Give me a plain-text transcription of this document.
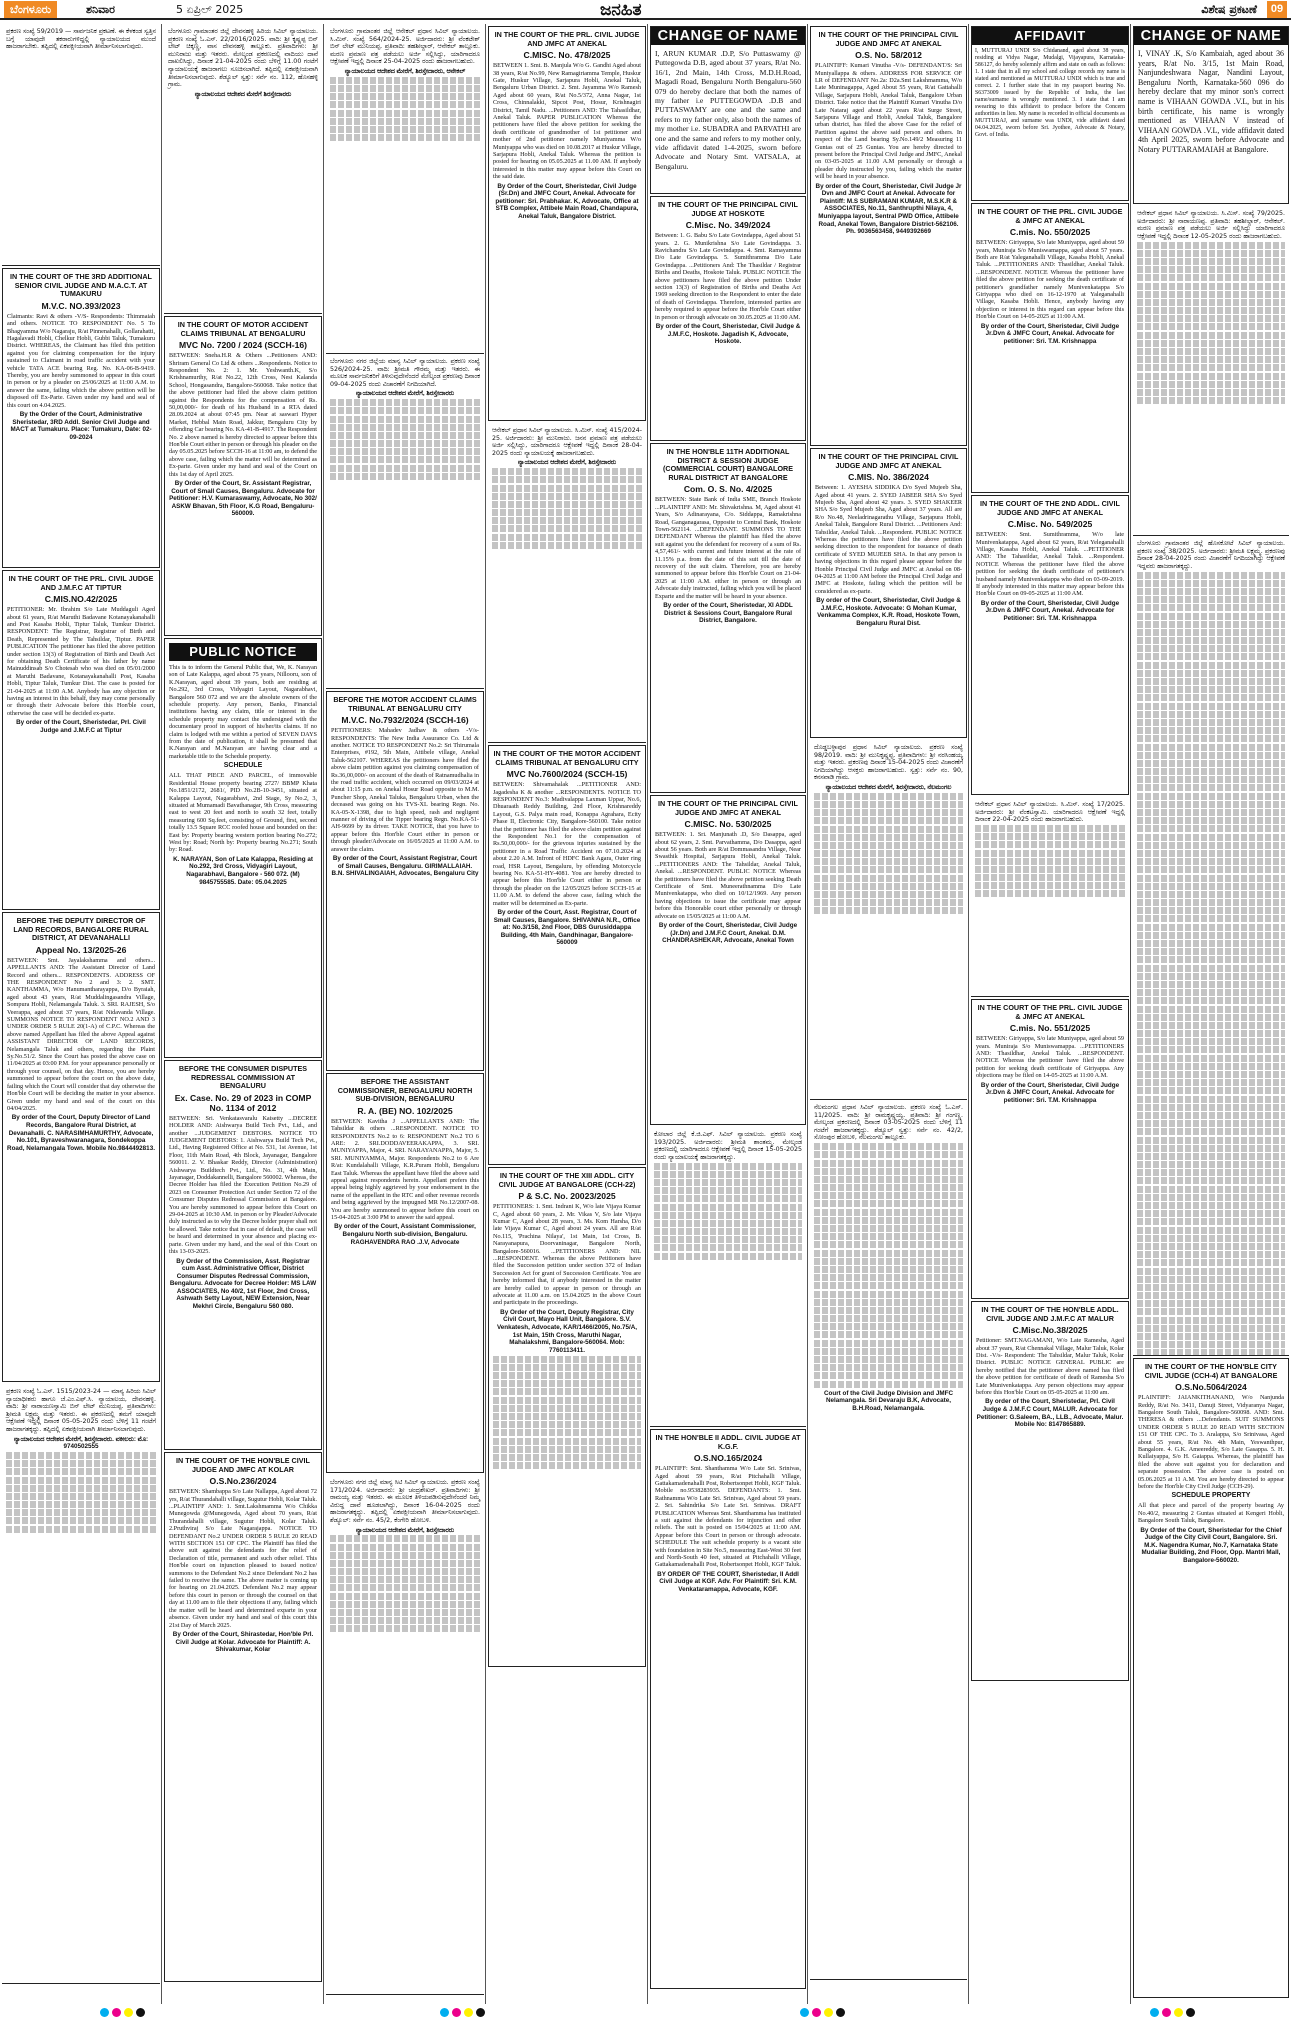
ಬೆಂಗಳೂರು	ಶನಿವಾರ	5 ಏಪ್ರಿಲ್ 2025	ಜನಹಿತ	ವಿಶೇಷ ಪ್ರಕಟಣೆ	09
ಪ್ರಕರಣ ಸಂಖ್ಯೆ 59/2019 — ಸಾರ್ವಜನಿಕ ಪ್ರಕಟಣೆ. ಈ ಕೆಳಕಂಡ ಸ್ವತ್ತಿನ ಬಗ್ಗೆ ಯಾವುದೇ ತಕರಾರುಗಳಿದ್ದಲ್ಲಿ ನ್ಯಾಯಾಲಯದ ಮುಂದೆ ಹಾಜರಾಗಬೇಕು. ತಪ್ಪಿದಲ್ಲಿ ಏಕಪಕ್ಷೀಯವಾಗಿ ತೀರ್ಮಾನಿಸಲಾಗುವುದು.
IN THE COURT OF THE 3RD ADDITIONAL SENIOR CIVIL JUDGE AND M.A.C.T. AT TUMAKURU
M.V.C. NO.393/2023
Claimants: Ravi & others -V/S- Respondents: Thimmaiah and others. NOTICE TO RESPONDENT No. 5 To Bhagyamma W/o Nagaraju, R/at Pinnenahalli, Gollarahatti, Hagalavadi Hobli, Chelkur Hobli, Gubbi Taluk, Tumakuru District. WHEREAS, the Claimant has filed this petition against you for claiming compensation for the injury sustained to Claimant in road traffic accident with your vehicle TATA ACE bearing Reg. No. KA-06-B-9419. Thereby, you are hereby summoned to appear in this court in person or by a pleader on 25/06/2025 at 11:00 A.M. to answer the same, failing which the above petition will be disposed off Ex-Parte. Given under my hand and seal of this court on 4.04.2025.
By the Order of the Court, Administrative Sheristedar, 3RD Addl. Senior Civil Judge and MACT at Tumakuru. Place: Tumakuru, Date: 02-09-2024
IN THE COURT OF THE PRL. CIVIL JUDGE AND J.M.F.C AT TIPTUR
C.MIS.NO.42/2025
PETITIONER: Mr. Ibrahim S/o Late Muddaguli Aged about 61 years, R/at Maruthi Badavane Kotanayakanahalli and Post Kasaba Hobli, Tiptur Taluk, Tumkur District. RESPONDENT: The Registrar, Registrar of Birth and Death, Represented by The Tahsildar, Tiptur. PAPER PUBLICATION The petitioner has filed the above petition under section 13(3) of Registration of Birth and Death Act for obtaining Death Certificate of his father by name Mainuddinsab S/o Chotesab who was died on 05/01/2000 at Maruthi Badavane, Kotanayakanahalli Post, Kasaba Hobli, Tiptur Taluk, Tumkur Dist. The case is posted for 21-04-2025 at 11:00 A.M. Anybody has any objection or having an interest in this behalf, they may come personally or through their Advocate before this Hon'ble court, otherwise the case will be decided ex-parte.
By order of the Court, Sheristedar, Prl. Civil Judge and J.M.F.C at Tiptur
BEFORE THE DEPUTY DIRECTOR OF LAND RECORDS, BANGALORE RURAL DISTRICT, AT DEVANAHALLI
Appeal No. 13/2025-26
BETWEEN: Smt. Jayalakshamma and others... APPELLANTS AND: The Assistant Director of Land Record and others... RESPONDENTS. ADDRESS OF THE RESPONDENT No 2 and 3: 2. SMT. KANTHAMMA, W/o Hanumantharayappa, D/o Byraiah, aged about 43 years, R/at Muddalingasandra Village, Sompura Hobli, Nelamangala Taluk. 3. SRI. RAJESH, S/o Veerappa, aged about 37 years, R/at Nidavanda Village. SUMMONS NOTICE TO RESPONDENT NO.2 AND 3 UNDER ORDER 5 RULE 20(1-A) of C.P.C. Whereas the above named Appellant has filed the above Appeal against ASSISTANT DIRECTOR OF LAND RECORDS, Nelamangala Taluk and others, regarding the Plaint Sy.No.51/2. Since the Court has posted the above case on 11/04/2025 at 03:00 P.M. for your appearance personally or through your counsel, on that day. Hence, you are hereby summoned to appear before the court on the above date, failing which the Court will consider that day otherwise the Hon'ble Court will be deciding the matter in your absence. Given under my hand and seal of the court on this 04/04/2025.
By order of the Court, Deputy Director of Land Records, Bangalore Rural District, at Devanahalli. C. NARASIMHAMURTHY, Advocate, No.101, Byraveshwaranagara, Sondekoppa Road, Nelamangala Town. Mobile No.9844492813.
ಪ್ರಕರಣ ಸಂಖ್ಯೆ ಓ.ಎಸ್. 1515/2023-24 — ಮಾನ್ಯ ಹಿರಿಯ ಸಿವಿಲ್ ನ್ಯಾಯಾಧೀಶರು ಹಾಗೂ ಜೆ.ಎಂ.ಎಫ್.ಸಿ. ನ್ಯಾಯಾಲಯ, ದೇವನಹಳ್ಳಿ. ವಾದಿ: ಶ್ರೀ ನಾರಾಯಣಸ್ವಾಮಿ ಬಿನ್ ಲೇಟ್ ಮುನಿಯಪ್ಪ. ಪ್ರತಿವಾದಿಗಳು: ಶ್ರೀಮತಿ ಲಕ್ಷ್ಮಮ್ಮ ಮತ್ತು ಇತರರು. ಈ ಪ್ರಕರಣದಲ್ಲಿ ತಮಗೆ ಯಾವುದೇ ಆಕ್ಷೇಪಣೆ ಇದ್ದಲ್ಲಿ ದಿನಾಂಕ 05-05-2025 ರಂದು ಬೆಳಿಗ್ಗೆ 11 ಗಂಟೆಗೆ ಹಾಜರಾಗತಕ್ಕದ್ದು. ತಪ್ಪಿದಲ್ಲಿ ಏಕಪಕ್ಷೀಯವಾಗಿ ತೀರ್ಮಾನಿಸಲಾಗುವುದು.
ನ್ಯಾಯಾಲಯದ ಆದೇಶದ ಮೇರೆಗೆ, ಶಿರಸ್ತೇದಾರರು. ವಕೀಲರು: ಮೊ: 9740502555
ಬೆಂಗಳೂರು ಗ್ರಾಮಾಂತರ ಜಿಲ್ಲೆ ದೇವನಹಳ್ಳಿ ಹಿರಿಯ ಸಿವಿಲ್ ನ್ಯಾಯಾಲಯ. ಪ್ರಕರಣ ಸಂಖ್ಯೆ ಓ.ಎಸ್. 22/2016/2025. ವಾದಿ: ಶ್ರೀ ಕೃಷ್ಣಪ್ಪ ಬಿನ್ ಲೇಟ್ ಚಿಕ್ಕಣ್ಣ, ವಾಸ ದೇವನಹಳ್ಳಿ ತಾಲ್ಲೂಕು. ಪ್ರತಿವಾದಿಗಳು: ಶ್ರೀ ಮುನಿರಾಜು ಮತ್ತು ಇತರರು. ಮೇಲ್ಕಂಡ ಪ್ರಕರಣದಲ್ಲಿ ವಾದಿಯು ದಾವೆ ದಾಖಲಿಸಿದ್ದು, ದಿನಾಂಕ 21-04-2025 ರಂದು ಬೆಳಿಗ್ಗೆ 11.00 ಗಂಟೆಗೆ ನ್ಯಾಯಾಲಯಕ್ಕೆ ಹಾಜರಾಗಲು ಸೂಚಿಸಲಾಗಿದೆ. ತಪ್ಪಿದಲ್ಲಿ ಏಕಪಕ್ಷೀಯವಾಗಿ ತೀರ್ಮಾನಿಸಲಾಗುವುದು. ಶೆಡ್ಯೂಲ್ ಸ್ವತ್ತು: ಸರ್ವೆ ನಂ. 112, ಹೊಸಹಳ್ಳಿ ಗ್ರಾಮ.
ನ್ಯಾಯಾಲಯದ ಆದೇಶದ ಮೇರೆಗೆ ಶಿರಸ್ತೇದಾರರು
IN THE COURT OF MOTOR ACCIDENT CLAIMS TRIBUNAL AT BENGALURU
MVC No. 7200 / 2024 (SCCH-16)
BETWEEN: Sneha.H.R & Others ...Petitioners AND: Shriram General Co Ltd & others ...Respondents. Notice to Respondent No. 2: 1. Mr. Yeshwanth.K, S/o Krishnamurthy, R/at No.22, 12th Cross, Nesi Kalanda School, Hongasandra, Bangalore-560068. Take notice that the above petitioner had filed the above claim petition against the Respondents for the compensation of Rs. 50,00,000/- for death of his Husband in a RTA dated 28.09.2024 at about 07:45 pm. Near at saswari Hyper Market, Hebbal Main Road, Jakkur, Bengaluru City by offending Car bearing No. KA-41-B-4917. The Respondent No. 2 above named is hereby directed to appear before this Hon'ble Court either in person or through his pleader on the day 05.05.2025 before SCCH-16 at 11:00 am, to defend the above case, failing which the matter will be determined as Ex-parte. Given under my hand and seal of the Court on this 1st day of April 2025.
By Order of the Court, Sr. Assistant Registrar, Court of Small Causes, Bengaluru. Advocate for Petitioner: H.V. Kumaraswamy, Advocate, No 302/ ASKW Bhavan, 5th Floor, K.G Road, Bengaluru-560009.
PUBLIC NOTICE
This is to inform the General Public that, We, K. Narayan son of Late Kalappa, aged about 75 years, Nillooru, son of K.Narayan, aged about 39 years, both are residing at No.292, 3rd Cross, Vidyagiri Layout, Nagarabhavi, Bangalore 560 072 and we are the absolute owners of the schedule property. Any person, Banks, Financial institutions having any claim, title or interest in the schedule property may contact the undersigned with the documentary proof in support of his/her/its claims. If no claim is lodged with me within a period of SEVEN DAYS from the date of publication, it shall be presumed that K.Narayan and M.Narayan are having clear and a marketable title to the Schedule property.
SCHEDULE
ALL THAT PIECE AND PARCEL, of immovable Residential House property bearing 2727/ BBMP Khata No.1851/2172, 2681/, PID No.2B-10-3451, situated at Kalappa Layout, Nagarabhavi, 2nd Stage, Sy No.2, 3, situated at Mumamadi Bavathanagar, 9th Cross, measuring east to west 20 feet and north to south 32 feet, totally measuring 600 Sq.feet, consisting of Ground, first, second totally 13.5 Square RCC roofed house and bounded on the: East by: Property bearing western portion bearing No.272; West by: Road; North by: Property bearing No.271; South by: Road.
K. NARAYAN, Son of Late Kalappa, Residing at No.292, 3rd Cross, Vidyagiri Layout, Nagarabhavi, Bangalore - 560 072. (M) 9845755585. Date: 05.04.2025
BEFORE THE CONSUMER DISPUTES REDRESSAL COMMISSION AT BENGALURU
Ex. Case. No. 29 of 2023 in COMP No. 1134 of 2012
BETWEEN: Sri. Venkatasvaralu Kaisetty ...DECREE HOLDER AND: Aishwarya Build Tech Pvt., Ltd., and another ...JUDGEMENT DEBTORS. NOTICE TO JUDGEMENT DEBTORS: 1. Aishwarya Build Tech Pvt., Ltd., Having Registered Office at No. 531, 1st Avenue, 1st Floor, 11th Main Road, 4th Block, Jayanagar, Bangalore 560011. 2. V. Bhaskar Reddy, Director (Administration) Aishwarya Buildtech Pvt., Ltd., No. 31, 4th Main, Jayanagar, Doddakannelli, Bangalore 560002. Whereas, the Decree Holder has filed the Execution Petition No.29 of 2023 on Consumer Protection Act under Section 72 of the Consumer Disputes Redressal Commission at Bangalore. You are hereby summoned to appear before this Court on 29-04-2025 at 10:30 AM. in person or by Pleader/Advocate duly instructed as to why the Decree holder prayer shall not be allowed. Take notice that in case of default, the case will be heard and determined in your absence and placing ex-parte. Given under my hand, and the seal of this Court on this 13-03-2025.
By Order of the Commission, Asst. Registrar cum Asst. Administrative Officer, District Consumer Disputes Redressal Commission, Bengaluru. Advocate for Decree Holder: MS LAW ASSOCIATES, No 40/2, 1st Floor, 2nd Cross, Ashwath Setty Layout, NEW Extension, Near Mekhri Circle, Bengaluru 560 080.
IN THE COURT OF THE HON'BLE CIVIL JUDGE AND JMFC AT KOLAR
O.S.No.236/2024
BETWEEN: Shambappa S/o Late Nallappa, Aged about 72 yrs, R/at Thurandahalli village, Sugutur Hobli, Kolar Taluk. ...PLAINTIFF AND: 1. Smt.Lakshmamma W/o Chikka Munegowda @Munegowda, Aged about 70 years, R/at Thurandahalli village, Sugutur Hobli, Kolar Taluk. 2.Pruthviraj S/o Late Nagarajappa. NOTICE TO DEFENDANT No.2 UNDER ORDER 5 RULE 20 READ WITH SECTION 151 OF CPC. The Plaintiff has filed the above suit against the defendants for the relief of Declaration of title, permanent and such other relief. This Hon'ble court on injunction pleased to issued notice/ summons to the Defendant No.2 since Defendant No.2 has failed to receive the same. The above matter is coming up for hearing on 21.04.2025. Defendant No.2 may appear before this court in person or through the counsel on that day at 11.00 am to file their objections if any, failing which the matter will be heard and determined exparte in your absence. Given under my hand and seal of this court this 21st Day of March 2025.
By Order of the Court, Shirastedar, Hon'ble Prl. Civil Judge at Kolar. Advocate for Plaintiff: A. Shivakumar, Kolar
ಬೆಂಗಳೂರು ಗ್ರಾಮಾಂತರ ಜಿಲ್ಲೆ ಆನೇಕಲ್ ಪ್ರಧಾನ ಸಿವಿಲ್ ನ್ಯಾಯಾಲಯ. ಸಿ.ಮಿಸ್. ಸಂಖ್ಯೆ 564/2024-25. ಅರ್ಜಿದಾರರು: ಶ್ರೀ ವೆಂಕಟೇಶ್ ಬಿನ್ ಲೇಟ್ ಮುನಿಯಪ್ಪ. ಪ್ರತಿವಾದಿ: ತಹಶೀಲ್ದಾರ್, ಆನೇಕಲ್ ತಾಲ್ಲೂಕು. ಮರಣ ಪ್ರಮಾಣ ಪತ್ರ ಪಡೆಯಲು ಅರ್ಜಿ ಸಲ್ಲಿಸಿದ್ದು, ಯಾರಿಗಾದರೂ ಆಕ್ಷೇಪಣೆ ಇದ್ದಲ್ಲಿ ದಿನಾಂಕ 25-04-2025 ರಂದು ಹಾಜರಾಗಬಹುದು.
ನ್ಯಾಯಾಲಯದ ಆದೇಶದ ಮೇರೆಗೆ, ಶಿರಸ್ತೇದಾರರು, ಆನೇಕಲ್
ಬೆಂಗಳೂರು ನಗರ ಜಿಲ್ಲೆಯ ಮಾನ್ಯ ಸಿವಿಲ್ ನ್ಯಾಯಾಲಯ. ಪ್ರಕರಣ ಸಂಖ್ಯೆ 526/2024-25. ವಾದಿ: ಶ್ರೀಮತಿ ಗೌರಮ್ಮ ಮತ್ತು ಇತರರು. ಈ ಮೂಲಕ ಸಾರ್ವಜನಿಕರಿಗೆ ತಿಳಿಸುವುದೇನೆಂದರೆ ಮೇಲ್ಕಂಡ ಪ್ರಕರಣವು ದಿನಾಂಕ 09-04-2025 ರಂದು ವಿಚಾರಣೆಗೆ ನಿಗದಿಯಾಗಿದೆ.
ನ್ಯಾಯಾಲಯದ ಆದೇಶದ ಮೇರೆಗೆ, ಶಿರಸ್ತೇದಾರರು
BEFORE THE MOTOR ACCIDENT CLAIMS TRIBUNAL AT BENGALURU CITY
M.V.C. No.7932/2024 (SCCH-16)
PETITIONERS: Mahadev Jadhav & others -V/s- RESPONDENTS: The New India Assurance Co. Ltd & another. NOTICE TO RESPONDENT No.2: Sri Thirumala Enterprises, #192, 5th Main, Attibele village, Anekal Taluk-562107. WHEREAS the petitioners have filed the above claim petition against you claiming compensation of Rs.36,00,000/- on account of the death of Ratnamudhalia in the road traffic accident, which occurred on 09/03/2024 at about 11:15 p.m. on Anekal Hosur Road opposite to M.M. Puncher Shop, Anekal Taluka, Bengaluru Urban, when the deceased was going on his TVS-XL bearing Regn. No. KA-05-X-1398, due to high speed, rash and negligent manner of driving of the Tipper bearing Regn. No.KA-51-AH-9699 by its driver. TAKE NOTICE, that you have to appear before this Hon'ble Court either in person or through pleader/Advocate on 16/05/2025 at 11:00 A.M. to answer the claim.
By order of the Court, Assistant Registrar, Court of Small Causes, Bengaluru. GIRIMALLAIAH. B.N. SHIVALINGAIAH, Advocates, Bengaluru City
BEFORE THE ASSISTANT COMMISSIONER, BENGALURU NORTH SUB-DIVISION, BENGALURU
R. A. (BE) NO. 102/2025
BETWEEN: Kavitha J ...APPELLANTS AND: The Tahsildar & others ...RESPONDENT. NOTICE TO RESPONDENTS No.2 to 6: RESPONDENT No.2 TO 6 ARE: 2. SRI.DODDAVEERAKAPPA, 3. SRI. MUNIYAPPA, Major, 4. SRI. NARAYANAPPA, Major, 5. SRI. MUNIYAMMA, Major. Respondents No.2 to 6 Are R/at: Kundalahalli Village, K.R.Puram Hobli, Bengaluru East Taluk. Whereas the appellant have filed the above said appeal against respondents herein. Appellant prefers this appeal being highly aggrieved by your endorsement in the name of the appellant in the RTC and other revenue records and being aggrieved by the impugned MR No.12/2007-08. You are hereby summoned to appear before this court on 15-04-2025 at 3:00 PM to answer the said appeal.
By order of the Court, Assistant Commissioner, Bengaluru North sub-division, Bengaluru. RAGHAVENDRA RAO .J.V, Advocate
ಬೆಂಗಳೂರು ನಗರ ಜಿಲ್ಲೆ ಮಾನ್ಯ ಸಿಟಿ ಸಿವಿಲ್ ನ್ಯಾಯಾಲಯ. ಪ್ರಕರಣ ಸಂಖ್ಯೆ 171/2024. ಅರ್ಜಿದಾರರು: ಶ್ರೀ ಚಂದ್ರಶೇಖರ್. ಪ್ರತಿವಾದಿಗಳು: ಶ್ರೀ ರಾಮಯ್ಯ ಮತ್ತು ಇತರರು. ಈ ಮೂಲಕ ತಿಳಿಯಪಡಿಸುವುದೇನೆಂದರೆ ನಿಮ್ಮ ವಿರುದ್ಧ ದಾವೆ ಹೂಡಲಾಗಿದ್ದು, ದಿನಾಂಕ 16-04-2025 ರಂದು ಹಾಜರಾಗತಕ್ಕದ್ದು. ತಪ್ಪಿದಲ್ಲಿ ಏಕಪಕ್ಷೀಯವಾಗಿ ತೀರ್ಮಾನಿಸಲಾಗುವುದು. ಶೆಡ್ಯೂಲ್: ಸರ್ವೆ ನಂ. 45/2, ಕೆಂಗೇರಿ ಹೋಬಳಿ.
ನ್ಯಾಯಾಲಯದ ಆದೇಶದ ಮೇರೆಗೆ, ಶಿರಸ್ತೇದಾರರು
IN THE COURT OF THE PRL. CIVIL JUDGE AND JMFC AT ANEKAL
C.MISC. No. 478/2025
BETWEEN 1. Smt. B. Manjula W/o G. Gandhi Aged about 38 years, R/at No.99, New Ramagiriamma Temple, Huskur Gate, Huskur Village, Sarjapura Hobli, Anekal Taluk, Bengaluru Urban District. 2. Smt. Jayamma W/o Ramesh Aged about 60 years, R/at No.5/372, Anna Nagar, 1st Cross, Chinnalakki, Sipcot Post, Hosur, Krishnagiri District, Tamil Nadu. ...Petitioners AND: The Tahasildhar, Anekal Taluk. PAPER PUBLICATION Whereas the petitioners have filed the above petition for seeking the death certificate of grandmother of 1st petitioner and mother of 2nd petitioner namely Muniyamma W/o Muniyappa who was died on 10.08.2017 at Huskur Village, Sarjapura Hobli, Anekal Taluk. Whereas the petition is posted for hearing on 05.05.2025 at 11.00 AM. If anybody interested in this matter may appear before this Court on the said date.
By Order of the Court, Sheristedar, Civil Judge (Sr.Dn) and JMFC Court, Anekal. Advocate for petitioner: Sri. Prabhakar. K, Advocate, Office at STB Complex, Attibele Main Road, Chandapura, Anekal Taluk, Bangalore District.
ಆನೇಕಲ್ ಪ್ರಧಾನ ಸಿವಿಲ್ ನ್ಯಾಯಾಲಯ. ಸಿ.ಮಿಸ್. ಸಂಖ್ಯೆ 415/2024-25. ಅರ್ಜಿದಾರರು: ಶ್ರೀ ಮುನಿರಾಜು. ಜನನ ಪ್ರಮಾಣ ಪತ್ರ ಪಡೆಯಲು ಅರ್ಜಿ ಸಲ್ಲಿಸಿದ್ದು, ಯಾರಿಗಾದರೂ ಆಕ್ಷೇಪಣೆ ಇದ್ದಲ್ಲಿ ದಿನಾಂಕ 28-04-2025 ರಂದು ನ್ಯಾಯಾಲಯಕ್ಕೆ ಹಾಜರಾಗಬಹುದು.
ನ್ಯಾಯಾಲಯದ ಆದೇಶದ ಮೇರೆಗೆ, ಶಿರಸ್ತೇದಾರರು
IN THE COURT OF THE MOTOR ACCIDENT CLAIMS TRIBUNAL AT BENGALURU CITY
MVC No.7600/2024 (SCCH-15)
BETWEEN: Shivamahalak ...PETITIONER AND: Jagadesha K & another ...RESPONDENTS. NOTICE TO RESPONDENT No.3: Madivalappa Laxman Uppar, No.6, Dhuaraath Reddy Building, 2nd Floor, Krishnareddy Layout, G.S. Palya main road, Konappa Agrahara, Ecity Phase II, Electronic City, Bangalore-560100. Take notice that the petitioner has filed the above claim petition against the Respondent No.1 for the compensation of Rs.50,00,000/- for the grievous injuries sustained by the petitioner in a Road Traffic Accident on 07.10.2024 at about 2.20 A.M. Infront of HDFC Bank Agara, Outer ring road, HSR Layout, Bengaluru, by offending Motorcycle bearing No. KA-51-HY-4081. You are hereby directed to appear before this Hon'ble Court either in person or through the pleader on the 12/05/2025 before SCCH-15 at 11.00 A.M. to defend the above case, failing which the matter will be determined as Ex-parte.
By order of the Court, Asst. Registrar, Court of Small Causes, Bangalore. SHIVANNA N.R., Office at: No.3/158, 2nd Floor, DBS Gurusiddappa Building, 4th Main, Gandhinagar, Bangalore-560009
IN THE COURT OF THE XIII ADDL. CITY CIVIL JUDGE AT BANGALORE (CCH-22)
P & S.C. No. 20023/2025
PETITIONERS: 1. Smt. Indrani K, W/o late Vijaya Kumar C, Aged about 60 years, 2. Mr. Vikas V, S/o late Vijaya Kumar C, Aged about 28 years, 3. Ms. Kom Harsha, D/o late Vijaya Kumar C, Aged about 24 years. All are R/at No.115, 'Prachina Nilaya', 1st Main, 1st Cross, B. Narayanapura, Doorvaninagar, Bangalore North, Bangalore-560016. ...PETITIONERS AND: NIL ...RESPONDENT. Whereas the above Petitioners have filed the Succession petition under section 372 of Indian Succession Act for grant of Succession Certificate. You are hereby informed that, if anybody interested in the matter are hereby called to appear in person or through an advocate at 11.00 a.m. on 15.04.2025 in the above Court and participate in the proceedings.
By Order of the Court, Deputy Registrar, City Civil Court, Mayo Hall Unit, Bangalore. S.V. Venkatesh, Advocate, KAR/1466/2005, No.75/A, 1st Main, 15th Cross, Maruthi Nagar, Mahalakshmi, Bangalore-560064. Mob: 7760113411.
CHANGE OF NAME
I, ARUN KUMAR .D.P, S/o Puttaswamy @ Puttegowda D.B, aged about 37 years, R/at No. 16/1, 2nd Main, 14th Cross, M.D.H.Road, Magadi Road, Bengaluru North Bengaluru-560 079 do hereby declare that both the names of my father i.e PUTTEGOWDA .D.B and PUTTASWAMY are one and the same and refers to my father only, also both the names of my mother i.e. SUBADRA and PARVATHI are one and the same and refers to my mother only, vide affidavit dated 1-4-2025, sworn before Advocate and Notary Smt. VATSALA, at Bengaluru.
IN THE COURT OF THE PRINCIPAL CIVIL JUDGE AT HOSKOTE
C.Misc. No. 349/2024
Between: 1. G. Babu S/o Late Govindappa, Aged about 51 years. 2. G. Munikrishna S/o Late Govindappa. 3. Ravichandra S/o Late Govindappa. 4. Smt. Ramayamma D/o Late Govindappa. 5. Sumithramma D/o Late Govindappa. ...Petitioners And: The Thasildar / Registrar Births and Deaths, Hoskote Taluk. PUBLIC NOTICE The above petitioners have filed the above petition Under section 13(3) of Registration of Births and Deaths Act 1969 seeking direction to the Respondent to enter the date of death of Govindappa. Therefore, interested parties are hereby required to appear before the Hon'ble Court either in person or through advocate on 30.05.2025 at 11:00 AM.
By order of the Court, Sheristedar, Civil Judge & J.M.F.C, Hoskote. Jagadish K, Advocate, Hoskote.
IN THE HON'BLE 11TH ADDITIONAL DISTRICT & SESSION JUDGE (COMMERCIAL COURT) BANGALORE RURAL DISTRICT AT BANGALORE
Com. O. S. No. 4/2025
BETWEEN: State Bank of India SME, Branch Hoskote ...PLAINTIFF AND: Mr. Shivakrishna. M, Aged about 41 Years, S/o Adinarayana, C/o. Siddappa, Ramakrishna Road, Ganganagarasa, Opposite to Central Bank, Hoskote Town-562114. ...DEFENDANT. SUMMONS TO THE DEFENDANT Whereas the plaintiff has filed the above suit against you the defendant for recovery of a sum of Rs. 4,57,461/- with current and future interest at the rate of 11.15% p.a. from the date of this suit till the date of recovery of the suit claim. Therefore, you are hereby summoned to appear before this Hon'ble Court on 21-04-2025 at 11:00 A.M. either in person or through an Advocate duly instructed, failing which you will be placed Exparte and the matter will be heard in your absence.
By order of the Court, Sheristedar, XI ADDL District & Sessions Court, Bangalore Rural District, Bangalore.
IN THE COURT OF THE PRINCIPAL CIVIL JUDGE AND JMFC AT ANEKAL
C.MISC. No. 530/2025
BETWEEN: 1. Sri. Manjunath .D, S/o Dasappa, aged about 62 years, 2. Smt. Parvathamma, D/o Dasappa, aged about 56 years. Both are R/at Dommasandra Village, Near Swasthik Hospital, Sarjapura Hobli, Anekal Taluk. ...PETITIONERS AND: The Tahsildar, Anekal Taluk, Anekal. ...RESPONDENT. PUBLIC NOTICE Whereas the petitioners have filed the above petition seeking Death Certificate of Smt. Muneerathnamma D/o Late Munivenkatappa, who died on 10/12/1969. Any person having objections to issue the certificate may appear before this Honorable court either personally or through advocate on 15/05/2025 at 11:00 A.M.
By order of the Court, Sheristedar, Civil Judge (Jr.Dn) and J.M.F.C Court, Anekal. D.M. CHANDRASHEKAR, Advocate, Anekal Town
ಕೋಲಾರ ಜಿಲ್ಲೆ ಕೆ.ಜಿ.ಎಫ್. ಸಿವಿಲ್ ನ್ಯಾಯಾಲಯ. ಪ್ರಕರಣ ಸಂಖ್ಯೆ 193/2025. ಅರ್ಜಿದಾರರು: ಶ್ರೀಮತಿ ಶಾಂತಮ್ಮ. ಮೇಲ್ಕಂಡ ಪ್ರಕರಣದಲ್ಲಿ ಯಾರಿಗಾದರೂ ಆಕ್ಷೇಪಣೆ ಇದ್ದಲ್ಲಿ ದಿನಾಂಕ 15-05-2025 ರಂದು ನ್ಯಾಯಾಲಯಕ್ಕೆ ಹಾಜರಾಗತಕ್ಕದ್ದು.
IN THE HON'BLE II ADDL. CIVIL JUDGE AT K.G.F.
O.S.NO.165/2024
PLAINTIFF: Smt. Shanthamma W/o Late Sri. Srinivas, Aged about 59 years, R/at Pitchahalli Village, Gattakamadenahalli Post, Robertsonpet Hobli, KGF Taluk. Mobile no.9538283935. DEFENDANTS: 1. Smt. Rathnamma W/o Late Sri. Srinivas, Aged about 59 years. 2. Sri. Sahindrika S/o Late Sri. Srinivas. DRAFT PUBLICATION Whereas Smt. Shanthamma has instituted a suit against the defendants for injunction and other reliefs. The suit is posted on 15/04/2025 at 11:00 AM. Appear before this Court in person or through advocate. SCHEDULE The suit schedule property is a vacant site with foundation in Site No.5, measuring East-West 30 feet and North-South 40 feet, situated at Pitchahalli Village, Gattakamadenahalli Post, Robertsonpet Hobli, KGF Taluk.
BY ORDER OF THE COURT, Sheristedar, II Addl Civil Judge at KGF. Adv. For Plaintiff: Sri. K.M. Venkataramappa, Advocate, KGF.
IN THE COURT OF THE PRINCIPAL CIVIL JUDGE AND JMFC AT ANEKAL
O.S. No. 58/2012
PLAINTIFF: Kumari Vinutha -V/s- DEFENDANT/S: Sri Muniyallappa & others. ADDRESS FOR SERVICE OF LR of DEFENDANT No.2a: D2a.Smt Lakshmamma, W/o Late Muninagappa, Aged About 55 years, R/at Gattahalli Village, Sarjapura Hobli, Anekal Taluk, Bangalore Urban District. Take notice that the Plaintiff Kumari Vinutha D/o Late Nataraj aged about 22 years R/at Surge Street, Sarjapura Village and Hobli, Anekal Taluk, Bangalore urban district, has filed the above Case for the relief of Partition against the above said person and others. In respect of the Land bearing Sy.No.149/2 Measuring 11 Guntas out of 25 Guntas. You are hereby directed to present before the Principal Civil Judge and JMFC, Anekal on 03-05-2025 at 11.00 A.M personally or through a pleader duly instructed by you, failing which the matter will be heard in your absence.
By order of the Court, Sheristedar, Civil Judge Jr Dvn and JMFC Court at Anekal. Advocate for Plaintiff: M.S SUBRAMANI KUMAR, M.S.K.R & ASSOCIATES, No.11, Santhrupthi Nilaya, 4, Muniyappa layout, Sentral PWD Office, Attibele Road, Anekal Town, Bangalore District-562106. Ph. 9036563458, 9449392669
IN THE COURT OF THE PRINCIPAL CIVIL JUDGE AND JMFC AT ANEKAL
C.MIS. No. 386/2024
Between: 1. AYESHA SIDDIKA D/o Syed Mujeeb Sha, Aged about 41 years. 2. SYED JABEER SHA S/o Syed Mujeeb Sha, Aged about 42 years. 3. SYED SHAKEER SHA S/o Syed Mujeeb Sha, Aged about 37 years. All are R/o No.48, Neeladrinagarathu Village, Sarjapura Hobli, Anekal Taluk, Bangalore Rural District. ...Petitioners And: Tahsildar, Anekal Taluk. ...Respondent. PUBLIC NOTICE Whereas the petitioners have filed the above petition seeking direction to the respondent for issuance of death certificate of SYED MUJEEB SHA. In that any person is having objections in this regard please appear before the Honble Principal Civil Judge and JMFC at Anekal on 08-04-2025 at 11:00 AM before the Principal Civil Judge and JMFC at Hoskote, failing which the petition will be considered as ex-parte.
By order of the Court, Sheristedar, Civil Judge & J.M.F.C, Hoskote. Advocate: G Mohan Kumar, Venkamma Complex, K.R. Road, Hoskote Town, Bengaluru Rural Dist.
ದೊಡ್ಡಬಳ್ಳಾಪುರ ಪ್ರಧಾನ ಸಿವಿಲ್ ನ್ಯಾಯಾಲಯ. ಪ್ರಕರಣ ಸಂಖ್ಯೆ 98/2019. ವಾದಿ: ಶ್ರೀ ಮುನಿಕೃಷ್ಣಪ್ಪ. ಪ್ರತಿವಾದಿಗಳು: ಶ್ರೀ ನರಸಿಂಹಯ್ಯ ಮತ್ತು ಇತರರು. ಪ್ರಕರಣವು ದಿನಾಂಕ 15-04-2025 ರಂದು ವಿಚಾರಣೆಗೆ ನಿಗದಿಯಾಗಿದ್ದು ಆಸಕ್ತರು ಹಾಜರಾಗಬಹುದು. ಸ್ವತ್ತು: ಸರ್ವೆ ನಂ. 90, ಕನಸವಾಡಿ ಗ್ರಾಮ.
ನ್ಯಾಯಾಲಯದ ಆದೇಶದ ಮೇರೆಗೆ, ಶಿರಸ್ತೇದಾರರು, ನೆಲಮಂಗಲ
ನೆಲಮಂಗಲ ಪ್ರಧಾನ ಸಿವಿಲ್ ನ್ಯಾಯಾಲಯ. ಪ್ರಕರಣ ಸಂಖ್ಯೆ ಓ.ಎಸ್. 11/2025. ವಾದಿ: ಶ್ರೀ ರಾಮಕೃಷ್ಣಯ್ಯ. ಪ್ರತಿವಾದಿ: ಶ್ರೀ ಗಂಗಣ್ಣ. ಮೇಲ್ಕಂಡ ಪ್ರಕರಣದಲ್ಲಿ ದಿನಾಂಕ 03-05-2025 ರಂದು ಬೆಳಿಗ್ಗೆ 11 ಗಂಟೆಗೆ ಹಾಜರಾಗತಕ್ಕದ್ದು. ಶೆಡ್ಯೂಲ್ ಸ್ವತ್ತು: ಸರ್ವೆ ನಂ. 42/2, ಸೋಂಪುರ ಹೋಬಳಿ, ನೆಲಮಂಗಲ ತಾಲ್ಲೂಕು.
Court of the Civil Judge Division and JMFC Nelamangala. Sri Devaraju B.K, Advocate, B.H.Road, Nelamangala.
AFFIDAVIT
I, MUTTURAJ UNDI S/o Chidanand, aged about 38 years, residing at Vidya Nagar, Mudalgi, Vijayapura, Karnataka-586127, do hereby solemnly affirm and state on oath as follows: 1. I state that in all my school and college records my name is stated and mentioned as MUTTURAJ UNDI which is true and correct. 2. I further state that in my passport bearing No. S6373009 issued by the Republic of India, the last name/surname is wrongly mentioned. 3. I state that I am swearing to this affidavit to produce before the Concern authorities in lieu. My name is recorded in official documents as MUTTURAJ, and surname was UNDI, vide affidavit dated 04.04.2025, sworn before Sri. Jyothee, Advocate & Notary, Govt. of India.
IN THE COURT OF THE PRL. CIVIL JUDGE & JMFC AT ANEKAL
C.mis. No. 550/2025
BETWEEN: Giriyappa, S/o late Muniyappa, aged about 59 years, Muniraja S/o Muniswamappa, aged about 57 years. Both are R/at Yaleganahalli Village, Kasaba Hobli, Anekal Taluk. ...PETITIONERS AND: Thasildhar, Anekal Taluk. ...RESPONDENT. NOTICE Whereas the petitioner have filed the above petition for seeking the death certificate of petitioner's grandfather namely Munivenkatappa S/o Giriyappa who died on 16-12-1970 at Yaleganahalli Village, Kasaba Hobli. Hence, anybody having any objection or interest in this regard can appear before this Hon'ble Court on 14-05-2025 at 11:00 A.M.
By order of the Court, Sheristedar, Civil Judge Jr.Dvn & JMFC Court, Anekal. Advocate for petitioner: Sri. T.M. Krishnappa
IN THE COURT OF THE 2ND ADDL. CIVIL JUDGE AND JMFC AT ANEKAL
C.Misc. No. 549/2025
BETWEEN: Smt. Sumithramma, W/o late Munivenkatappa, Aged about 62 years, R/at Yeleganahalli Village, Kasaba Hobli, Anekal Taluk. ...PETITIONER AND: The Tahasildar, Anekal Taluk. ...Respondent. NOTICE Whereas the petitioner have filed the above petition for seeking the death certificate of petitioner's husband namely Munivenkatappa who died on 03-09-2019. If anybody interested in this matter may appear before this Hon'ble Court on 09-05-2025 at 11:00 AM.
By order of the Court, Sheristedar, Civil Judge Jr.Dvn & JMFC Court, Anekal. Advocate for Petitioner: Sri. T.M. Krishnappa
ಆನೇಕಲ್ ಪ್ರಧಾನ ಸಿವಿಲ್ ನ್ಯಾಯಾಲಯ. ಸಿ.ಮಿಸ್. ಸಂಖ್ಯೆ 17/2025. ಅರ್ಜಿದಾರರು: ಶ್ರೀ ವೆಂಕಟಸ್ವಾಮಿ. ಯಾರಿಗಾದರೂ ಆಕ್ಷೇಪಣೆ ಇದ್ದಲ್ಲಿ ದಿನಾಂಕ 22-04-2025 ರಂದು ಹಾಜರಾಗಬಹುದು.
IN THE COURT OF THE PRL. CIVIL JUDGE & JMFC AT ANEKAL
C.mis. No. 551/2025
BETWEEN: Giriyappa, S/o late Muniyappa, aged about 59 years. Muniraja S/o Muniswamappa. ...PETITIONERS AND: Thasildhar, Anekal Taluk. ...RESPONDENT. NOTICE Whereas the petitioner have filed the above petition for seeking death certificate of Giriyappa. Any objections may be filed on 14-05-2025 at 11:00 A.M.
By order of the Court, Sheristedar, Civil Judge Jr.Dvn & JMFC Court, Anekal. Advocate for petitioner: Sri. T.M. Krishnappa
IN THE COURT OF THE HON'BLE ADDL. CIVIL JUDGE AND J.M.F.C AT MALUR
C.Misc.No.38/2025
Petitioner: SMT.NAGAMANI, W/o Late Ramesha, Aged about 37 years, R/at Chennakal Village, Malur Taluk, Kolar Dist. -V/s- Respondent: The Tahsildar, Malur Taluk, Kolar District. PUBLIC NOTICE GENERAL PUBLIC are hereby notified that the petitioner above named has filed the above petition for certificate of death of Ramesha S/o Late Munivenkatappa. Any person objections may appear before this Hon'ble Court on 05-05-2025 at 11:00 am.
By order of the Court, Sheristedar, Prl. Civil Judge & J.M.F.C Court, MALUR. Advocate for Petitioner: G.Saleem, BA., LLB., Advocate, Malur. Mobile No: 8147865889.
CHANGE OF NAME
I, VINAY .K, S/o Kambaiah, aged about 36 years, R/at No. 3/15, 1st Main Road, Nanjundeshwara Nagar, Nandini Layout, Bengaluru North, Karnataka-560 096 do hereby declare that my minor son's correct name is VIHAAN GOWDA .V.L, but in his birth certificate, his name is wrongly mentioned as VIHAAN V instead of VIHAAN GOWDA .V.L, vide affidavit dated 4th April 2025, sworn before Advocate and Notary PUTTARAMAIAH at Bangalore.
ಆನೇಕಲ್ ಪ್ರಧಾನ ಸಿವಿಲ್ ನ್ಯಾಯಾಲಯ. ಸಿ.ಮಿಸ್. ಸಂಖ್ಯೆ 79/2025. ಅರ್ಜಿದಾರರು: ಶ್ರೀ ನಾರಾಯಣಪ್ಪ. ಪ್ರತಿವಾದಿ: ತಹಶೀಲ್ದಾರ್, ಆನೇಕಲ್. ಮರಣ ಪ್ರಮಾಣ ಪತ್ರ ಪಡೆಯಲು ಅರ್ಜಿ ಸಲ್ಲಿಸಿದ್ದು ಯಾರಿಗಾದರೂ ಆಕ್ಷೇಪಣೆ ಇದ್ದಲ್ಲಿ ದಿನಾಂಕ 12-05-2025 ರಂದು ಹಾಜರಾಗಬಹುದು.
ಬೆಂಗಳೂರು ಗ್ರಾಮಾಂತರ ಜಿಲ್ಲೆ ಹೊಸಕೋಟೆ ಸಿವಿಲ್ ನ್ಯಾಯಾಲಯ. ಪ್ರಕರಣ ಸಂಖ್ಯೆ 38/2025. ಅರ್ಜಿದಾರರು: ಶ್ರೀಮತಿ ಲಕ್ಷ್ಮಮ್ಮ. ಪ್ರಕರಣವು ದಿನಾಂಕ 28-04-2025 ರಂದು ವಿಚಾರಣೆಗೆ ನಿಗದಿಯಾಗಿದ್ದು ಆಕ್ಷೇಪಣೆ ಇದ್ದವರು ಹಾಜರಾಗತಕ್ಕದ್ದು.
IN THE COURT OF THE HON'BLE CITY CIVIL JUDGE (CCH-4) AT BANGALORE
O.S.No.5064/2024
PLAINTIFF: JAIANKITHANAND, W/o Nanjunda Reddy, R/at No. 3411, Danuji Street, Vidyaranya Nagar, Bangalore South Taluk, Bangalore-560098. AND: Smt. THERESA & others ...Defendants. SUIT SUMMONS UNDER ORDER 5 RULE 20 READ WITH SECTION 151 OF THE CPC. To 3. Aralappa, S/o Srinivasa, Aged about 55 years, R/at No. 4th Main, Yeswanthpur, Bangalore. 4. G.K. Ameereddy, S/o Late Gasappa. 5. H. Kullaiyappa, S/o H. Gaiappa. Whereas, the plaintiff has filed the above suit against you for declaration and separate possession. The above case is posted on 05.06.2025 at 11 A.M. You are hereby directed to appear before the Hon'ble City Civil Judge (CCH-29).
SCHEDULE PROPERTY
All that piece and parcel of the property bearing Ay No.40/2, measuring 2 Guntas situated at Kengeri Hobli, Bangalore South Taluk, Bangalore.
By Order of the Court, Sheristedar for the Chief Judge of the City Civil Court, Bangalore. Sri. M.K. Nagendra Kumar, No.7, Karnataka State Mudaliar Building, 2nd Floor, Opp. Mantri Mall, Bangalore-560020.
